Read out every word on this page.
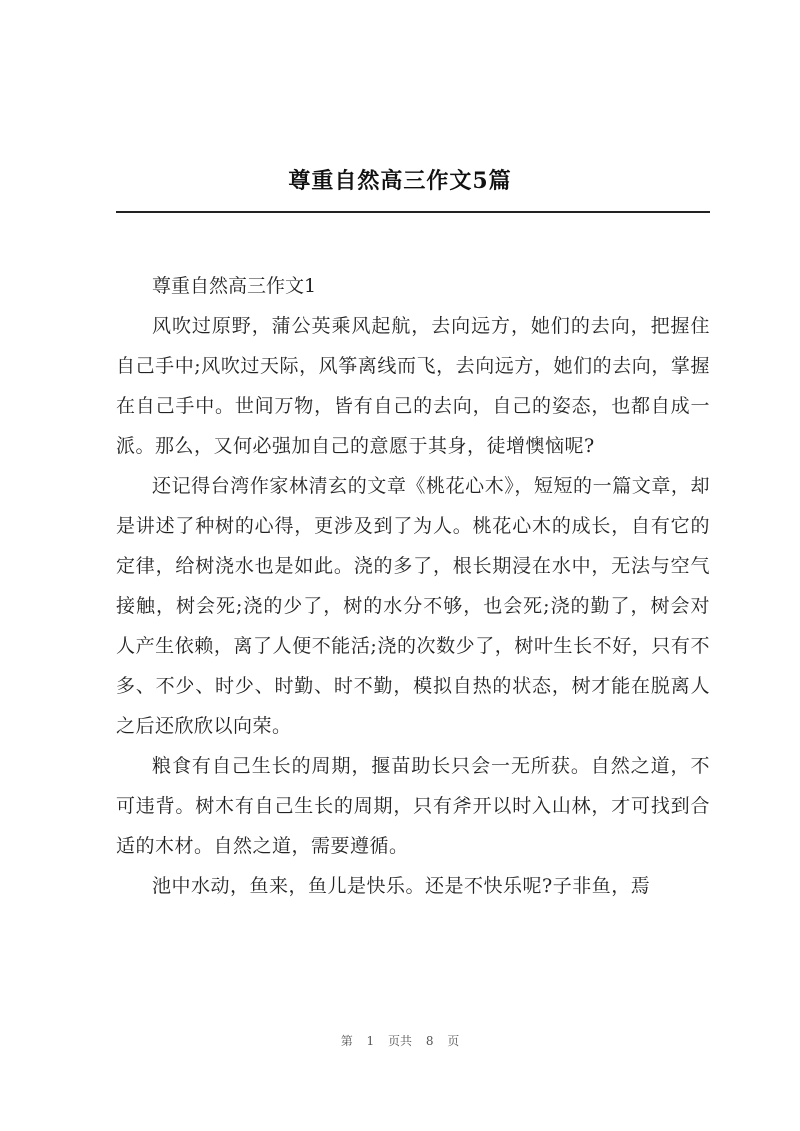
尊重自然高三作文5篇

尊重自然高三作文1

风吹过原野，蒲公英乘风起航，去向远方，她们的去向，把握住自己手中;风吹过天际，风筝离线而飞，去向远方，她们的去向，掌握在自己手中。世间万物，皆有自己的去向，自己的姿态，也都自成一派。那么，又何必强加自己的意愿于其身，徒增懊恼呢?

还记得台湾作家林清玄的文章《桃花心木》，短短的一篇文章，却是讲述了种树的心得，更涉及到了为人。桃花心木的成长，自有它的定律，给树浇水也是如此。浇的多了，根长期浸在水中，无法与空气接触，树会死;浇的少了，树的水分不够，也会死;浇的勤了，树会对人产生依赖，离了人便不能活;浇的次数少了，树叶生长不好，只有不多、不少、时少、时勤、时不勤，模拟自热的状态，树才能在脱离人之后还欣欣以向荣。

粮食有自己生长的周期，揠苗助长只会一无所获。自然之道，不可违背。树木有自己生长的周期，只有斧开以时入山林，才可找到合适的木材。自然之道，需要遵循。

池中水动，鱼来，鱼儿是快乐。还是不快乐呢?子非鱼，焉

第 1 页共 8 页
